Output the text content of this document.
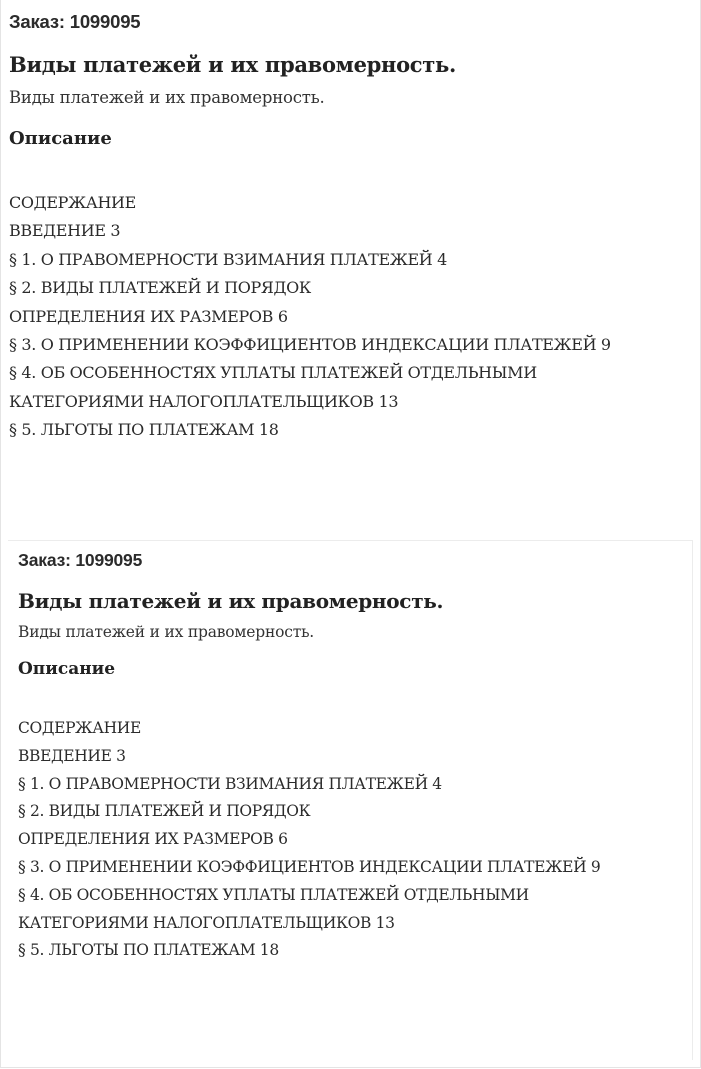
Заказ: 1099095
Виды платежей и их правомерность.
Виды платежей и их правомерность.
Описание
СОДЕРЖАНИЕ
ВВЕДЕНИЕ 3
§ 1. О ПРАВОМЕРНОСТИ ВЗИМАНИЯ ПЛАТЕЖЕЙ 4
§ 2. ВИДЫ ПЛАТЕЖЕЙ И ПОРЯДОК
ОПРЕДЕЛЕНИЯ ИХ РАЗМЕРОВ 6
§ 3. О ПРИМЕНЕНИИ КОЭФФИЦИЕНТОВ ИНДЕКСАЦИИ ПЛАТЕЖЕЙ 9
§ 4. ОБ ОСОБЕННОСТЯХ УПЛАТЫ ПЛАТЕЖЕЙ ОТДЕЛЬНЫМИ
КАТЕГОРИЯМИ НАЛОГОПЛАТЕЛЬЩИКОВ 13
§ 5. ЛЬГОТЫ ПО ПЛАТЕЖАМ 18
Заказ: 1099095
Виды платежей и их правомерность.
Виды платежей и их правомерность.
Описание
СОДЕРЖАНИЕ
ВВЕДЕНИЕ 3
§ 1. О ПРАВОМЕРНОСТИ ВЗИМАНИЯ ПЛАТЕЖЕЙ 4
§ 2. ВИДЫ ПЛАТЕЖЕЙ И ПОРЯДОК
ОПРЕДЕЛЕНИЯ ИХ РАЗМЕРОВ 6
§ 3. О ПРИМЕНЕНИИ КОЭФФИЦИЕНТОВ ИНДЕКСАЦИИ ПЛАТЕЖЕЙ 9
§ 4. ОБ ОСОБЕННОСТЯХ УПЛАТЫ ПЛАТЕЖЕЙ ОТДЕЛЬНЫМИ
КАТЕГОРИЯМИ НАЛОГОПЛАТЕЛЬЩИКОВ 13
§ 5. ЛЬГОТЫ ПО ПЛАТЕЖАМ 18
